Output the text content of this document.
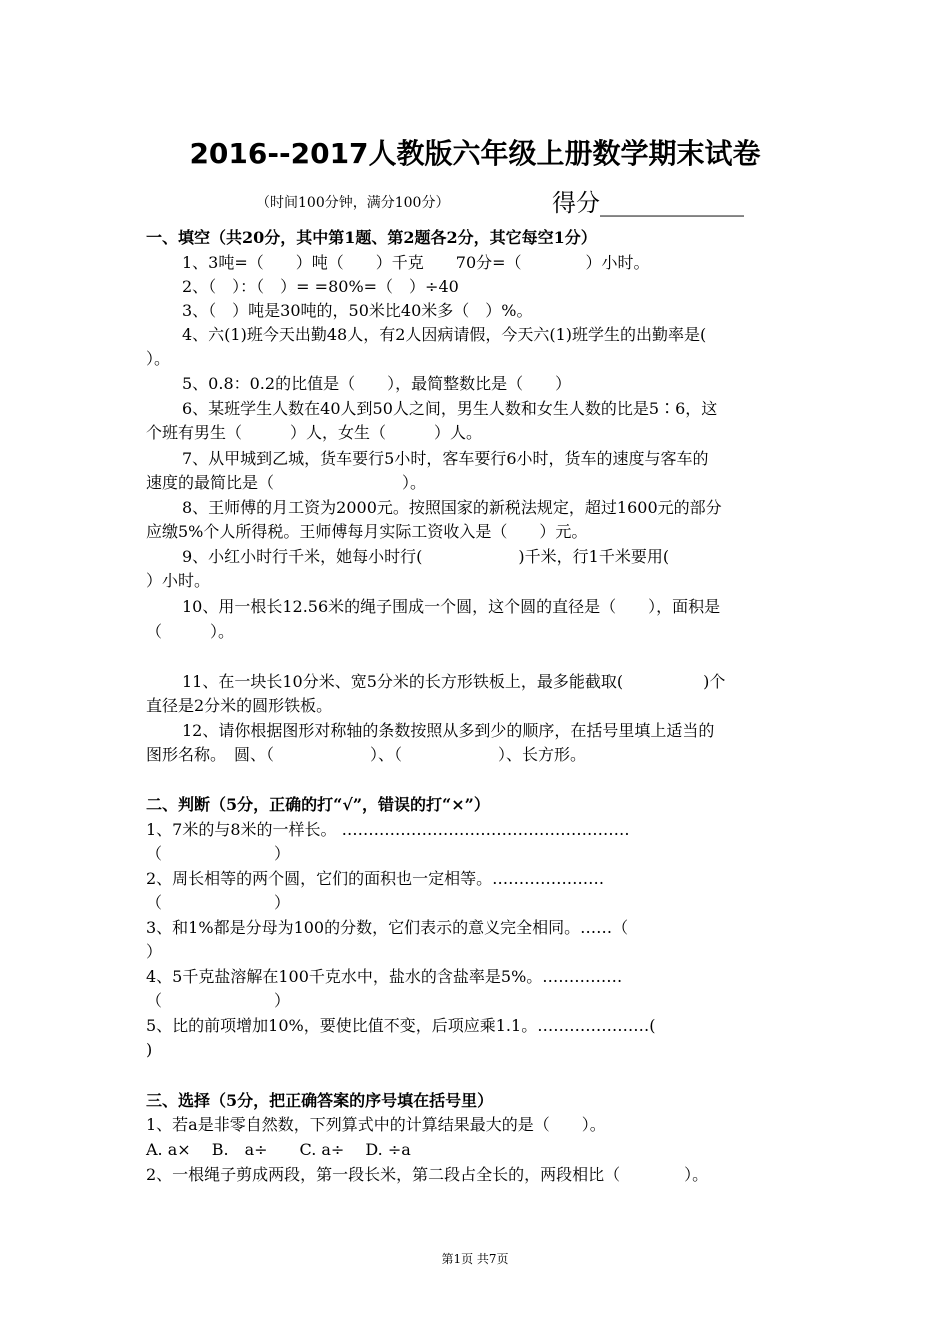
2016--2017人教版六年级上册数学期末试卷
（时间100分钟，满分100分）	得分____________
一、填空（共20分，其中第1题、第2题各2分，其它每空1分）
1、3吨=（　　）吨（　　）千克　　70分=（　　　　）小时。
2、（　）：（　）= =80%=（　）÷40
3、（　）吨是30吨的，50米比40米多（　）%。
4、六(1)班今天出勤48人，有2人因病请假，今天六(1)班学生的出勤率是(
）。
5、0.8：0.2的比值是（　　），最简整数比是（　　）
6、某班学生人数在40人到50人之间，男生人数和女生人数的比是5∶6，这
个班有男生（　　　）人，女生（　　　）人。
7、从甲城到乙城，货车要行5小时，客车要行6小时，货车的速度与客车的
速度的最简比是（　　　　　　　　）。
8、王师傅的月工资为2000元。按照国家的新税法规定，超过1600元的部分
应缴5%个人所得税。王师傅每月实际工资收入是（　　）元。
9、小红小时行千米，她每小时行(　　　　　　)千米，行1千米要用(
）小时。
10、用一根长12.56米的绳子围成一个圆，这个圆的直径是（　　），面积是
（　　　）。
11、在一块长10分米、宽5分米的长方形铁板上，最多能截取(　　　　　)个
直径是2分米的圆形铁板。
12、请你根据图形对称轴的条数按照从多到少的顺序，在括号里填上适当的
图形名称。　圆、（　　　　　　）、（　　　　　　）、长方形。
二、判断（5分，正确的打“√”，错误的打“×”）
1、7米的与8米的一样长。 ………………………………………………
（　　　　　　　）
2、周长相等的两个圆，它们的面积也一定相等。…………………
（　　　　　　　）
3、和1%都是分母为100的分数，它们表示的意义完全相同。……（
）
4、5千克盐溶解在100千克水中，盐水的含盐率是5%。……………
（　　　　　　　）
5、比的前项增加10%，要使比值不变，后项应乘1.1。…………………(
)
三、选择（5分，把正确答案的序号填在括号里）
1、若a是非零自然数，下列算式中的计算结果最大的是（　　）。
A. a×　 B.　a÷　　C. a÷　 D. ÷a
2、一根绳子剪成两段，第一段长米，第二段占全长的，两段相比（　　　　）。
第1页 共7页
